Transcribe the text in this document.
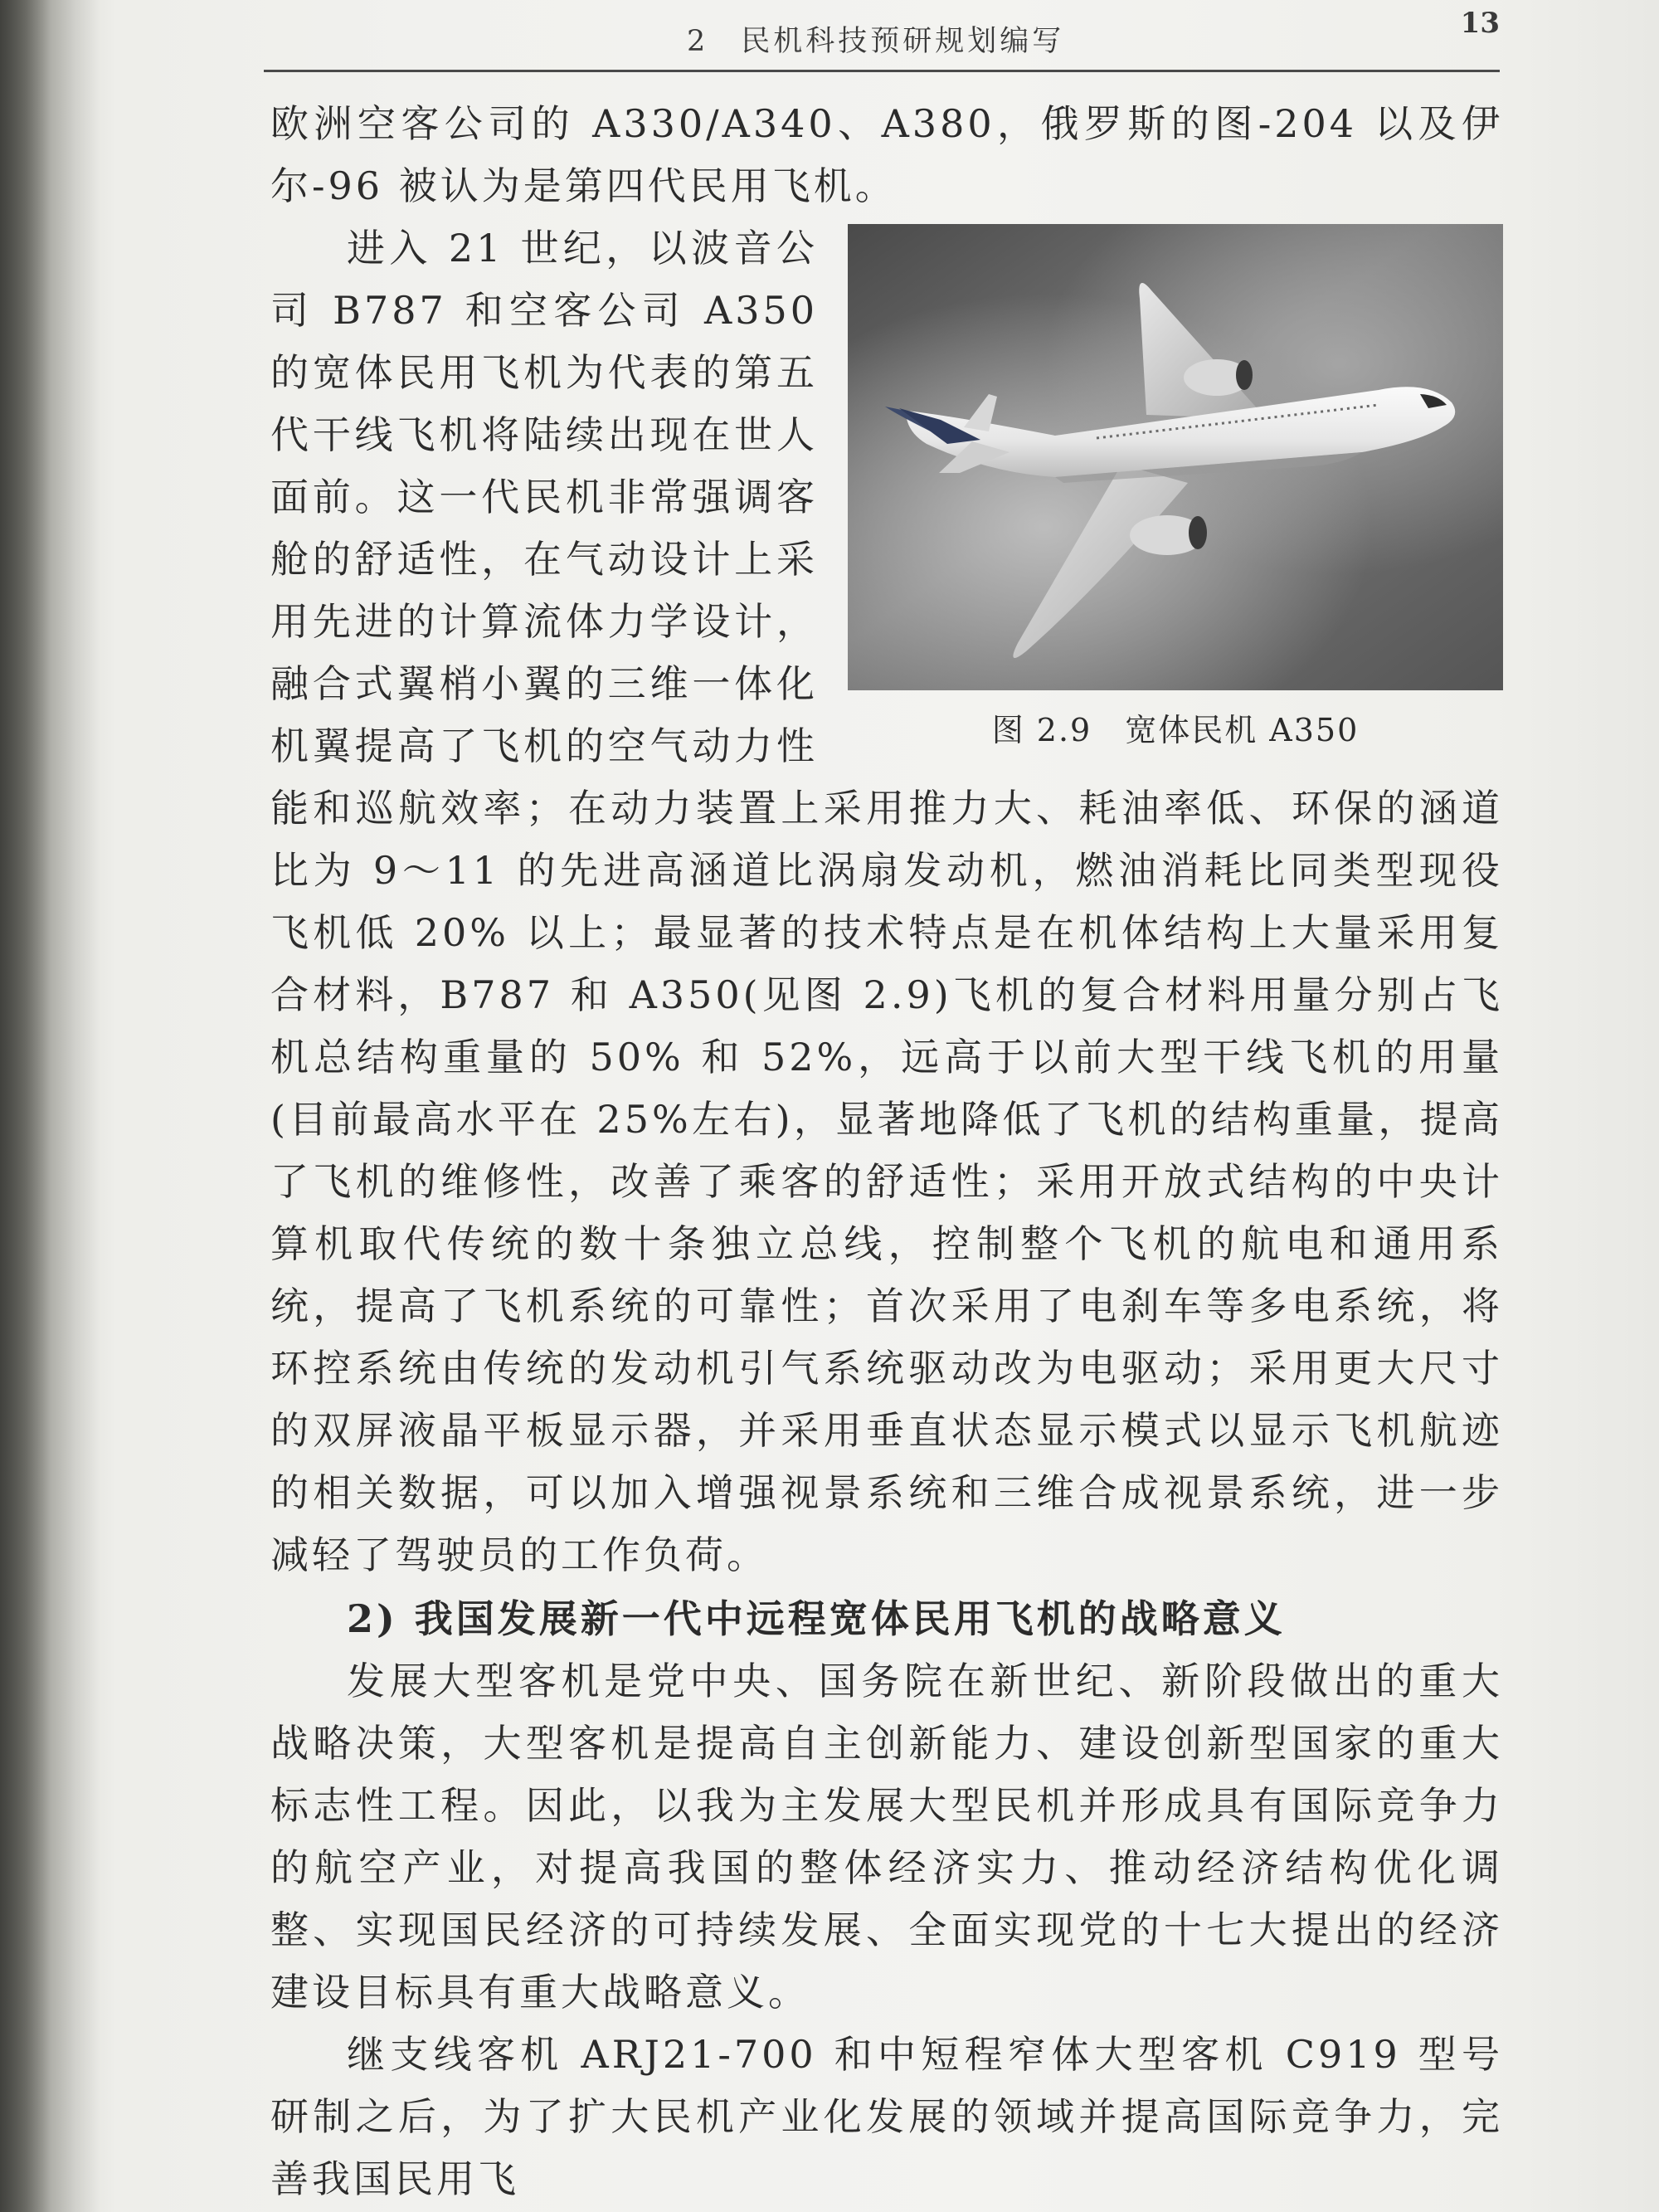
2　民机科技预研规划编写
13

欧洲空客公司的 A330/A340、A380，俄罗斯的图-204 以及伊尔-96 被认为是第四代民用飞机。

图 2.9　宽体民机 A350

进入 21 世纪，以波音公司 B787 和空客公司 A350 的宽体民用飞机为代表的第五代干线飞机将陆续出现在世人面前。这一代民机非常强调客舱的舒适性，在气动设计上采用先进的计算流体力学设计，融合式翼梢小翼的三维一体化机翼提高了飞机的空气动力性能和巡航效率；在动力装置上采用推力大、耗油率低、环保的涵道比为 9～11 的先进高涵道比涡扇发动机，燃油消耗比同类型现役飞机低 20% 以上；最显著的技术特点是在机体结构上大量采用复合材料，B787 和 A350(见图 2.9)飞机的复合材料用量分别占飞机总结构重量的 50% 和 52%，远高于以前大型干线飞机的用量(目前最高水平在 25%左右)，显著地降低了飞机的结构重量，提高了飞机的维修性，改善了乘客的舒适性；采用开放式结构的中央计算机取代传统的数十条独立总线，控制整个飞机的航电和通用系统，提高了飞机系统的可靠性；首次采用了电刹车等多电系统，将环控系统由传统的发动机引气系统驱动改为电驱动；采用更大尺寸的双屏液晶平板显示器，并采用垂直状态显示模式以显示飞机航迹的相关数据，可以加入增强视景系统和三维合成视景系统，进一步减轻了驾驶员的工作负荷。

2) 我国发展新一代中远程宽体民用飞机的战略意义

发展大型客机是党中央、国务院在新世纪、新阶段做出的重大战略决策，大型客机是提高自主创新能力、建设创新型国家的重大标志性工程。因此，以我为主发展大型民机并形成具有国际竞争力的航空产业，对提高我国的整体经济实力、推动经济结构优化调整、实现国民经济的可持续发展、全面实现党的十七大提出的经济建设目标具有重大战略意义。

继支线客机 ARJ21-700 和中短程窄体大型客机 C919 型号研制之后，为了扩大民机产业化发展的领域并提高国际竞争力，完善我国民用飞
